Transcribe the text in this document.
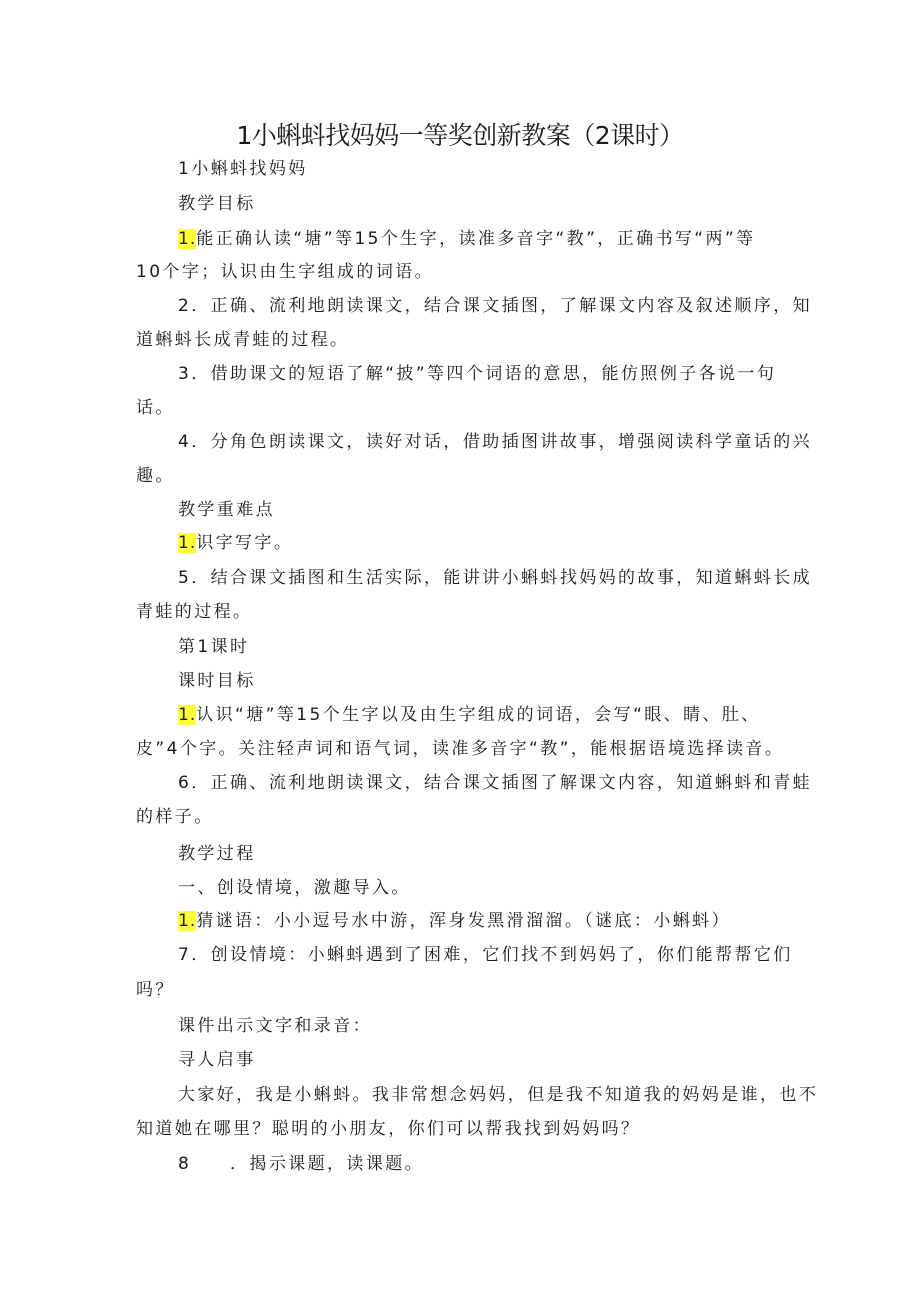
1小蝌蚪找妈妈一等奖创新教案（2课时）
1小蝌蚪找妈妈
教学目标
1.能正确认读“塘”等15个生字，读准多音字“教”，正确书写“两”等
10个字；认识由生字组成的词语。
2．正确、流利地朗读课文，结合课文插图，了解课文内容及叙述顺序，知
道蝌蚪长成青蛙的过程。
3．借助课文的短语了解“披”等四个词语的意思，能仿照例子各说一句
话。
4．分角色朗读课文，读好对话，借助插图讲故事，增强阅读科学童话的兴
趣。
教学重难点
1.识字写字。
5．结合课文插图和生活实际，能讲讲小蝌蚪找妈妈的故事，知道蝌蚪长成
青蛙的过程。
第1课时
课时目标
1.认识“塘”等15个生字以及由生字组成的词语，会写“眼、睛、肚、
皮”4个字。关注轻声词和语气词，读准多音字“教”，能根据语境选择读音。
6．正确、流利地朗读课文，结合课文插图了解课文内容，知道蝌蚪和青蛙
的样子。
教学过程
一、创设情境，激趣导入。
1.猜谜语：小小逗号水中游，浑身发黑滑溜溜。（谜底：小蝌蚪）
7．创设情境：小蝌蚪遇到了困难，它们找不到妈妈了，你们能帮帮它们
吗？
课件出示文字和录音：
寻人启事
大家好，我是小蝌蚪。我非常想念妈妈，但是我不知道我的妈妈是谁，也不
知道她在哪里？聪明的小朋友，你们可以帮我找到妈妈吗？
8　　．揭示课题，读课题。
